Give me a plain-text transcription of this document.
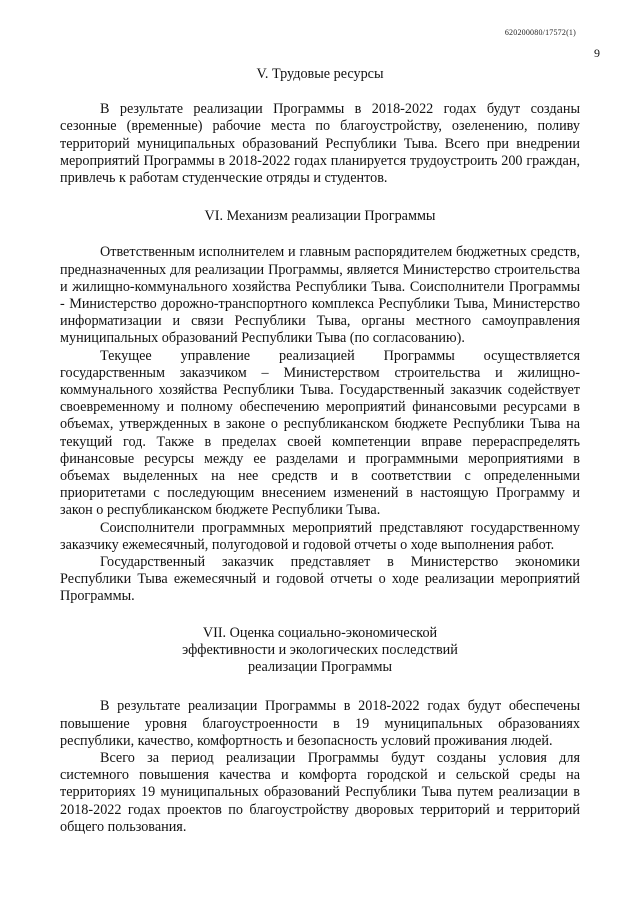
620200080/17572(1)
9
V. Трудовые ресурсы

В результате реализации Программы в 2018-2022 годах будут созданы сезонные (временные) рабочие места по благоустройству, озеленению, поливу территорий муниципальных образований Республики Тыва. Всего при внедрении мероприятий Программы в 2018-2022 годах планируется трудоустроить 200 граждан, привлечь к работам студенческие отряды и студентов.

VI. Механизм реализации Программы

Ответственным исполнителем и главным распорядителем бюджетных средств, предназначенных для реализации Программы, является Министерство строительства и жилищно-коммунального хозяйства Республики Тыва. Соисполнители Программы - Министерство дорожно-транспортного комплекса Республики Тыва, Министерство информатизации и связи Республики Тыва, органы местного самоуправления муниципальных образований Республики Тыва (по согласованию).

Текущее управление реализацией Программы осуществляется государственным заказчиком – Министерством строительства и жилищно-коммунального хозяйства Республики Тыва. Государственный заказчик содействует своевременному и полному обеспечению мероприятий финансовыми ресурсами в объемах, утвержденных в законе о республиканском бюджете Республики Тыва на текущий год. Также в пределах своей компетенции вправе перераспределять финансовые ресурсы между ее разделами и программными мероприятиями в объемах выделенных на нее средств и в соответствии с определенными приоритетами с последующим внесением изменений в настоящую Программу и закон о республиканском бюджете Республики Тыва.

Соисполнители программных мероприятий представляют государственному заказчику ежемесячный, полугодовой и годовой отчеты о ходе выполнения работ.

Государственный заказчик представляет в Министерство экономики Республики Тыва ежемесячный и годовой отчеты о ходе реализации мероприятий Программы.

VII. Оценка социально-экономической
эффективности и экологических последствий
реализации Программы

В результате реализации Программы в 2018-2022 годах будут обеспечены повышение уровня благоустроенности в 19 муниципальных образованиях республики, качество, комфортность и безопасность условий проживания людей.

Всего за период реализации Программы будут созданы условия для системного повышения качества и комфорта городской и сельской среды на территориях 19 муниципальных образований Республики Тыва путем реализации в 2018-2022 годах проектов по благоустройству дворовых территорий и территорий общего пользования.
